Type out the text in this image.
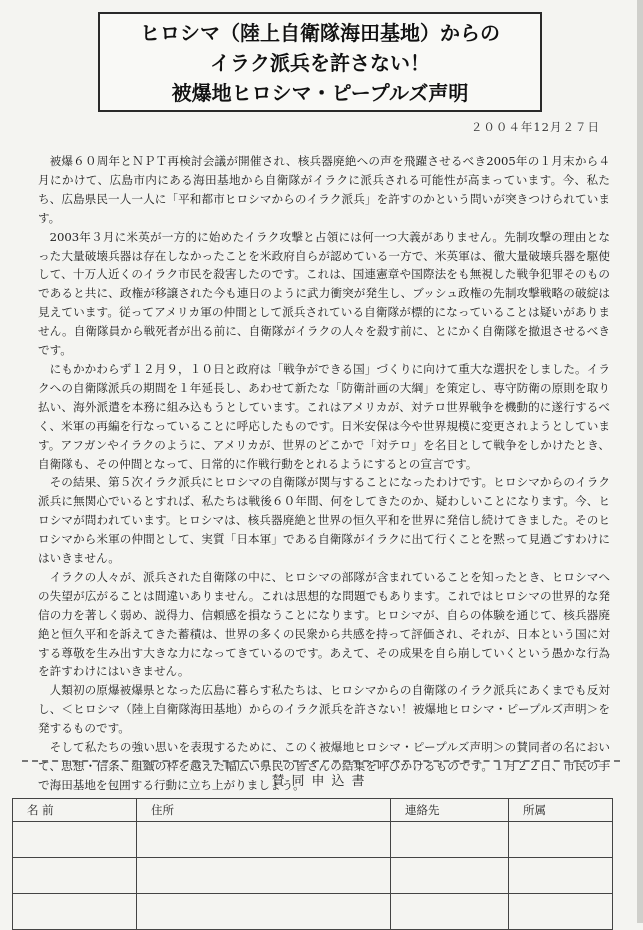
ヒロシマ（陸上自衛隊海田基地）からの
イラク派兵を許さない！
被爆地ヒロシマ・ピープルズ声明
２００４年12月２７日

被爆６０周年とＮＰＴ再検討会議が開催され、核兵器廃絶への声を飛躍させるべき2005年の１月末から４月にかけて、広島市内にある海田基地から自衛隊がイラクに派兵される可能性が高まっています。今、私たち、広島県民一人一人に「平和都市ヒロシマからのイラク派兵」を許すのかという問いが突きつけられています。

2003年３月に米英が一方的に始めたイラク攻撃と占領には何一つ大義がありません。先制攻撃の理由となった大量破壊兵器は存在しなかったことを米政府自らが認めている一方で、米英軍は、徹大量破壊兵器を駆使して、十万人近くのイラク市民を殺害したのです。これは、国連憲章や国際法をも無視した戦争犯罪そのものであると共に、政権が移譲された今も連日のように武力衝突が発生し、ブッシュ政権の先制攻撃戦略の破綻は見えています。従ってアメリカ軍の仲間として派兵されている自衛隊が標的になっていることは疑いがありません。自衛隊員から戦死者が出る前に、自衛隊がイラクの人々を殺す前に、とにかく自衛隊を撤退させるべきです。

にもかかわらず１２月９，１０日と政府は「戦争ができる国」づくりに向けて重大な選択をしました。イラクへの自衛隊派兵の期間を１年延長し、あわせて新たな「防衛計画の大綱」を策定し、専守防衛の原則を取り払い、海外派遣を本務に組み込もうとしています。これはアメリカが、対テロ世界戦争を機動的に遂行するべく、米軍の再編を行なっていることに呼応したものです。日米安保は今や世界規模に変更されようとしています。アフガンやイラクのように、アメリカが、世界のどこかで「対テロ」を名目として戦争をしかけたとき、自衛隊も、その仲間となって、日常的に作戦行動をとれるようにするとの宣言です。

その結果、第５次イラク派兵にヒロシマの自衛隊が関与することになったわけです。ヒロシマからのイラク派兵に無関心でいるとすれば、私たちは戦後６０年間、何をしてきたのか、疑わしいことになります。今、ヒロシマが問われています。ヒロシマは、核兵器廃絶と世界の恒久平和を世界に発信し続けてきました。そのヒロシマから米軍の仲間として、実質「日本軍」である自衛隊がイラクに出て行くことを黙って見過ごすわけにはいきません。

イラクの人々が、派兵された自衛隊の中に、ヒロシマの部隊が含まれていることを知ったとき、ヒロシマへの失望が広がることは間違いありません。これは思想的な問題でもあります。これではヒロシマの世界的な発信の力を著しく弱め、説得力、信頼感を損なうことになります。ヒロシマが、自らの体験を通じて、核兵器廃絶と恒久平和を訴えてきた蓄積は、世界の多くの民衆から共感を持って評価され、それが、日本という国に対する尊敬を生み出す大きな力になってきているのです。あえて、その成果を自ら崩していくという愚かな行為を許すわけにはいきません。

人類初の原爆被爆県となった広島に暮らす私たちは、ヒロシマからの自衛隊のイラク派兵にあくまでも反対し、＜ヒロシマ（陸上自衛隊海田基地）からのイラク派兵を許さない！被爆地ヒロシマ・ピープルズ声明＞を発するものです。

そして私たちの強い思いを表現するために、このく被爆地ヒロシマ・ピープルズ声明＞の賛同者の名において、思想・信条、組織の枠を越えた幅広い県民の皆さんの結集を呼びかけるものです。１月２２日、市民の手で海田基地を包囲する行動に立ち上がりましょう。

賛同申込書
名 前	住所	連絡先	所属
